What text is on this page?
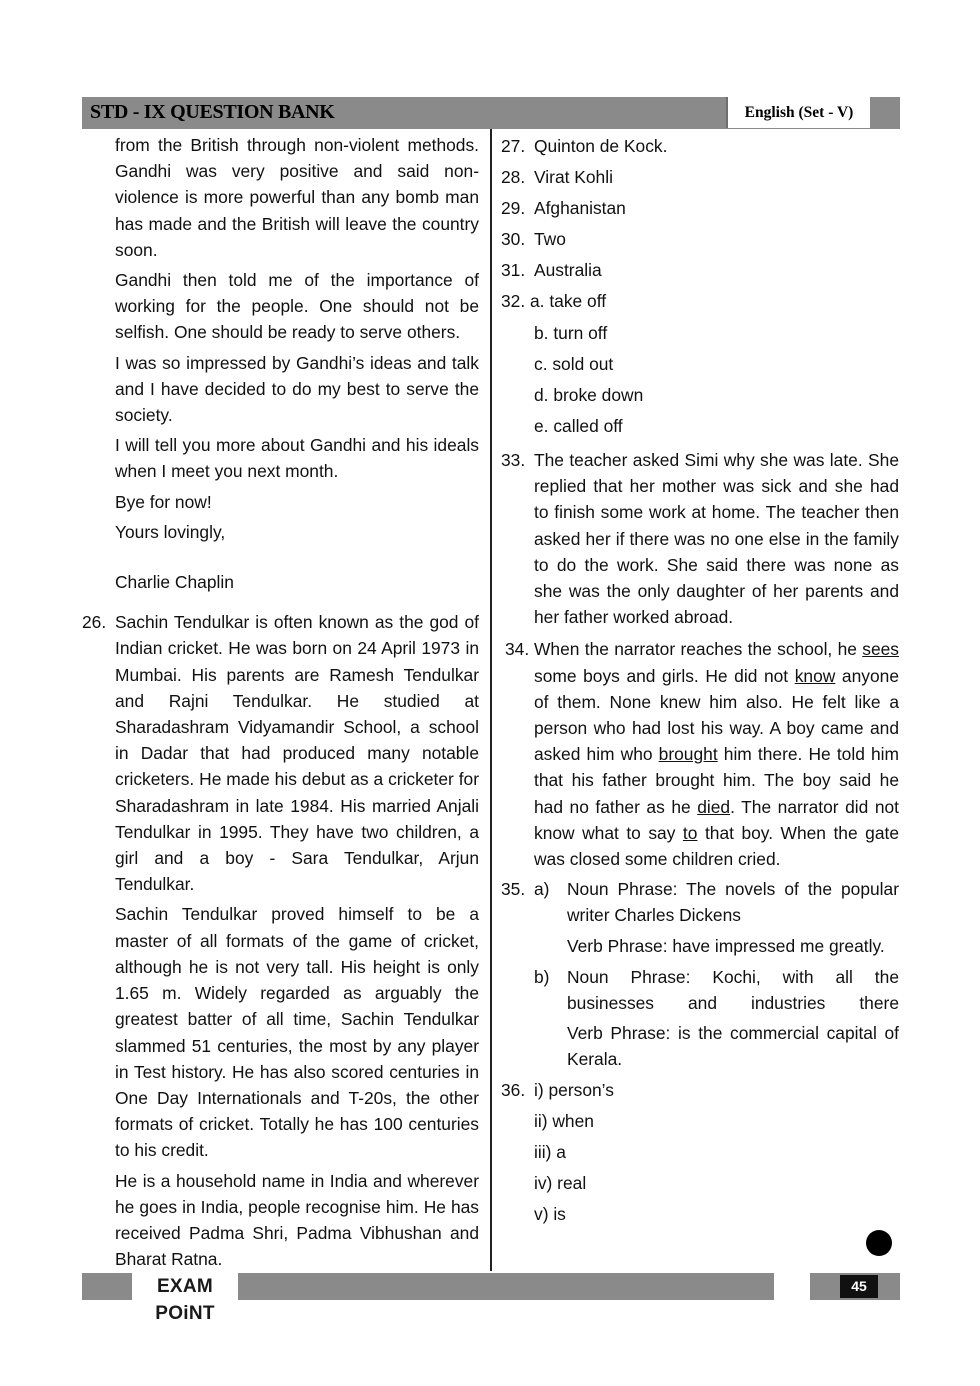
STD - IX QUESTION BANK	English (Set - V)

from the British through non-violent methods. Gandhi was very positive and said non-violence is more powerful than any bomb man has made and the British will leave the country soon.

Gandhi then told me of the importance of working for the people. One should not be selfish. One should be ready to serve others.

I was so impressed by Gandhi’s ideas and talk and I have decided to do my best to serve the society.

I will tell you more about Gandhi and his ideals when I meet you next month.

Bye for now!

Yours lovingly,

Charlie Chaplin

26. Sachin Tendulkar is often known as the god of Indian cricket. He was born on 24 April 1973 in Mumbai. His parents are Ramesh Tendulkar and Rajni Tendulkar. He studied at Sharadashram Vidyamandir School, a school in Dadar that had produced many notable cricketers. He made his debut as a cricketer for Sharadashram in late 1984. His married Anjali Tendulkar in 1995. They have two children, a girl and a boy - Sara Tendulkar, Arjun Tendulkar.

Sachin Tendulkar proved himself to be a master of all formats of the game of cricket, although he is not very tall. His height is only 1.65 m. Widely regarded as arguably the greatest batter of all time, Sachin Tendulkar slammed 51 centuries, the most by any player in Test history. He has also scored centuries in One Day Internationals and T-20s, the other formats of cricket. Totally he has 100 centuries to his credit.

He is a household name in India and wherever he goes in India, people recognise him. He has received Padma Shri, Padma Vibhushan and Bharat Ratna.

27. Quinton de Kock.
28. Virat Kohli
29. Afghanistan
30. Two
31. Australia
32. a. take off
b. turn off
c. sold out
d. broke down
e. called off
33. The teacher asked Simi why she was late. She replied that her mother was sick and she had to finish some work at home. The teacher then asked her if there was no one else in the family to do the work. She said there was none as she was the only daughter of her parents and her father worked abroad.
34. When the narrator reaches the school, he sees some boys and girls. He did not know anyone of them. None knew him also. He felt like a person who had lost his way. A boy came and asked him who brought him there. He told him that his father brought him. The boy said he had no father as he died. The narrator did not know what to say to that boy. When the gate was closed some children cried.
35. a) Noun Phrase: The novels of the popular writer Charles Dickens

Verb Phrase: have impressed me greatly.

b) Noun Phrase: Kochi, with all the businesses and industries there

Verb Phrase: is the commercial capital of Kerala.

36. i) person’s
ii) when
iii) a
iv) real
v) is
EXAM POiNT
45
